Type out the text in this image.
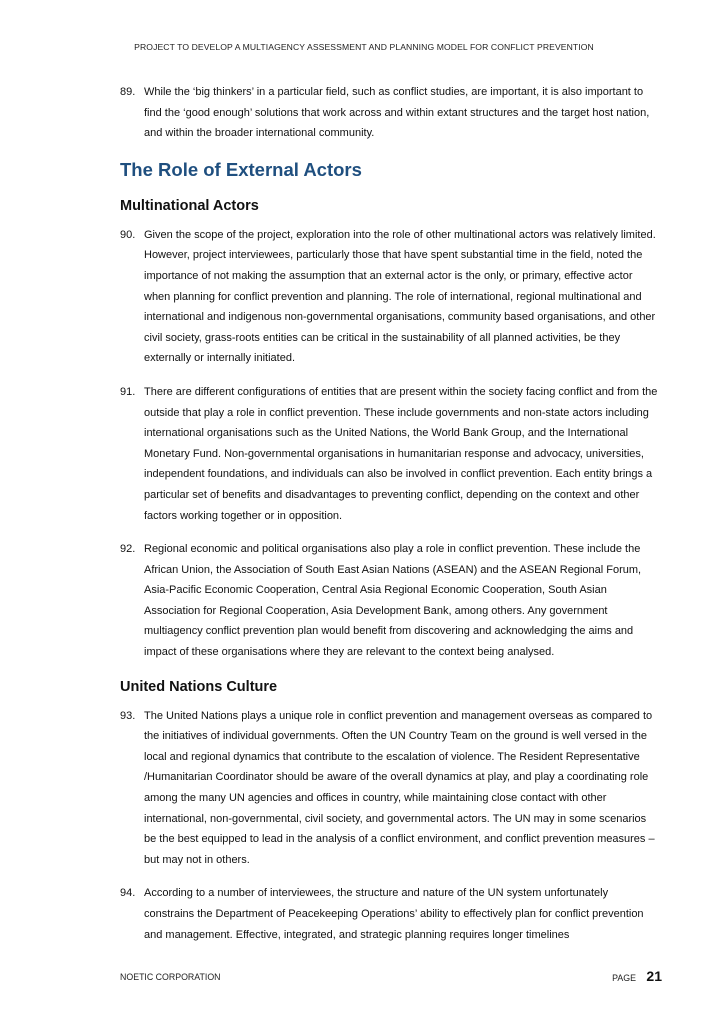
PROJECT TO DEVELOP A MULTIAGENCY ASSESSMENT AND PLANNING MODEL FOR CONFLICT PREVENTION
89. While the ‘big thinkers’ in a particular field, such as conflict studies, are important, it is also important to find the ‘good enough’ solutions that work across and within extant structures and the target host nation, and within the broader international community.
The Role of External Actors
Multinational Actors
90. Given the scope of the project, exploration into the role of other multinational actors was relatively limited. However, project interviewees, particularly those that have spent substantial time in the field, noted the importance of not making the assumption that an external actor is the only, or primary, effective actor when planning for conflict prevention and planning. The role of international, regional multinational and international and indigenous non-governmental organisations, community based organisations, and other civil society, grass-roots entities can be critical in the sustainability of all planned activities, be they externally or internally initiated.
91. There are different configurations of entities that are present within the society facing conflict and from the outside that play a role in conflict prevention. These include governments and non-state actors including international organisations such as the United Nations, the World Bank Group, and the International Monetary Fund. Non-governmental organisations in humanitarian response and advocacy, universities, independent foundations, and individuals can also be involved in conflict prevention. Each entity brings a particular set of benefits and disadvantages to preventing conflict, depending on the context and other factors working together or in opposition.
92. Regional economic and political organisations also play a role in conflict prevention. These include the African Union, the Association of South East Asian Nations (ASEAN) and the ASEAN Regional Forum, Asia-Pacific Economic Cooperation, Central Asia Regional Economic Cooperation, South Asian Association for Regional Cooperation, Asia Development Bank, among others. Any government multiagency conflict prevention plan would benefit from discovering and acknowledging the aims and impact of these organisations where they are relevant to the context being analysed.
United Nations Culture
93. The United Nations plays a unique role in conflict prevention and management overseas as compared to the initiatives of individual governments. Often the UN Country Team on the ground is well versed in the local and regional dynamics that contribute to the escalation of violence. The Resident Representative /Humanitarian Coordinator should be aware of the overall dynamics at play, and play a coordinating role among the many UN agencies and offices in country, while maintaining close contact with other international, non-governmental, civil society, and governmental actors. The UN may in some scenarios be the best equipped to lead in the analysis of a conflict environment, and conflict prevention measures – but may not in others.
94. According to a number of interviewees, the structure and nature of the UN system unfortunately constrains the Department of Peacekeeping Operations’ ability to effectively plan for conflict prevention and management. Effective, integrated, and strategic planning requires longer timelines
NOETIC CORPORATION	PAGE 21
